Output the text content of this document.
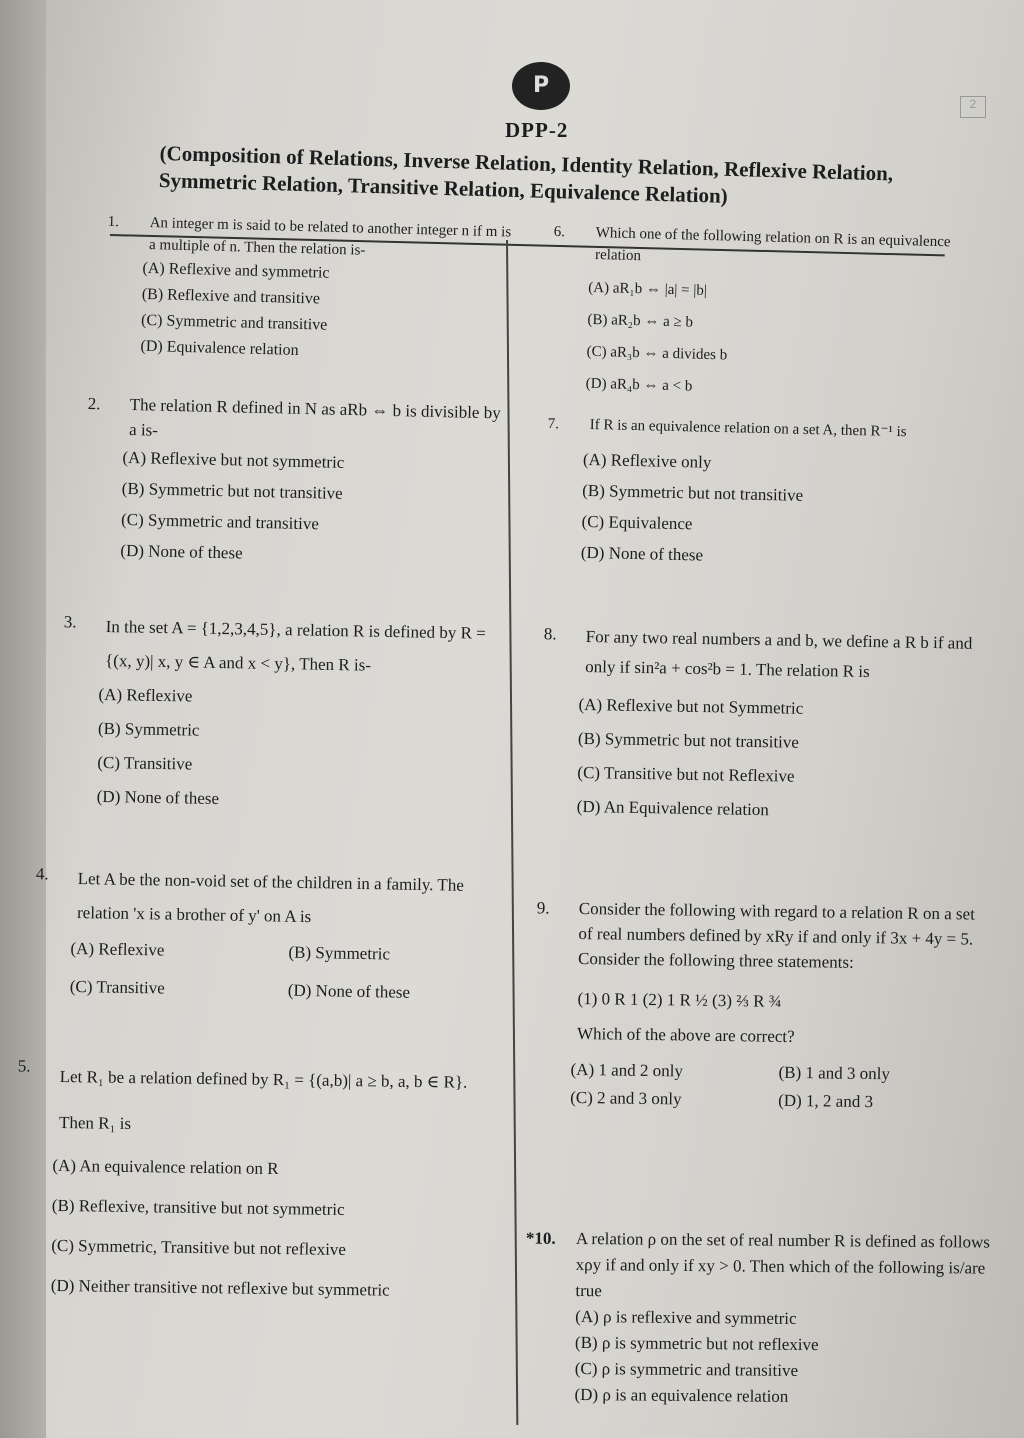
P
2
DPP-2
(Composition of Relations, Inverse Relation, Identity Relation, Reflexive Relation, Symmetric Relation, Transitive Relation, Equivalence Relation)
1. An integer m is said to be related to another integer n if m is a multiple of n. Then the relation is-
(A) Reflexive and symmetric
(B) Reflexive and transitive
(C) Symmetric and transitive
(D) Equivalence relation
2. The relation R defined in N as aRb ⇔ b is divisible by a is-
(A) Reflexive but not symmetric
(B) Symmetric but not transitive
(C) Symmetric and transitive
(D) None of these
3. In the set A = {1,2,3,4,5}, a relation R is defined by R = {(x, y)| x, y ∈ A and x < y}, Then R is-
(A) Reflexive
(B) Symmetric
(C) Transitive
(D) None of these
4. Let A be the non-void set of the children in a family. The relation 'x is a brother of y' on A is
(A) Reflexive	(B) Symmetric
(C) Transitive	(D) None of these
5.
Let R₁ be a relation defined by R₁ = {(a,b)| a ≥ b, a, b ∈ R}. Then R₁ is
(A) An equivalence relation on R
(B) Reflexive, transitive but not symmetric
(C) Symmetric, Transitive but not reflexive
(D) Neither transitive not reflexive but symmetric
6. Which one of the following relation on R is an equivalence relation
(A) aR₁b ⇔ |a| = |b|
(B) aR₂b ⇔ a ≥ b
(C) aR₃b ⇔ a divides b
(D) aR₄b ⇔ a < b
7. If R is an equivalence relation on a set A, then R⁻¹ is
(A) Reflexive only
(B) Symmetric but not transitive
(C) Equivalence
(D) None of these
8. For any two real numbers a and b, we define a R b if and only if sin²a + cos²b = 1. The relation R is
(A) Reflexive but not Symmetric
(B) Symmetric but not transitive
(C) Transitive but not Reflexive
(D) An Equivalence relation
9. Consider the following with regard to a relation R on a set of real numbers defined by xRy if and only if 3x + 4y = 5. Consider the following three statements:
(1) 0 R 1 (2) 1 R ½ (3) ⅔ R ¾
Which of the above are correct?
(A) 1 and 2 only	(B) 1 and 3 only
(C) 2 and 3 only	(D) 1, 2 and 3
*10. A relation ρ on the set of real number R is defined as follows xρy if and only if xy > 0. Then which of the following is/are true
(A) ρ is reflexive and symmetric
(B) ρ is symmetric but not reflexive
(C) ρ is symmetric and transitive
(D) ρ is an equivalence relation
